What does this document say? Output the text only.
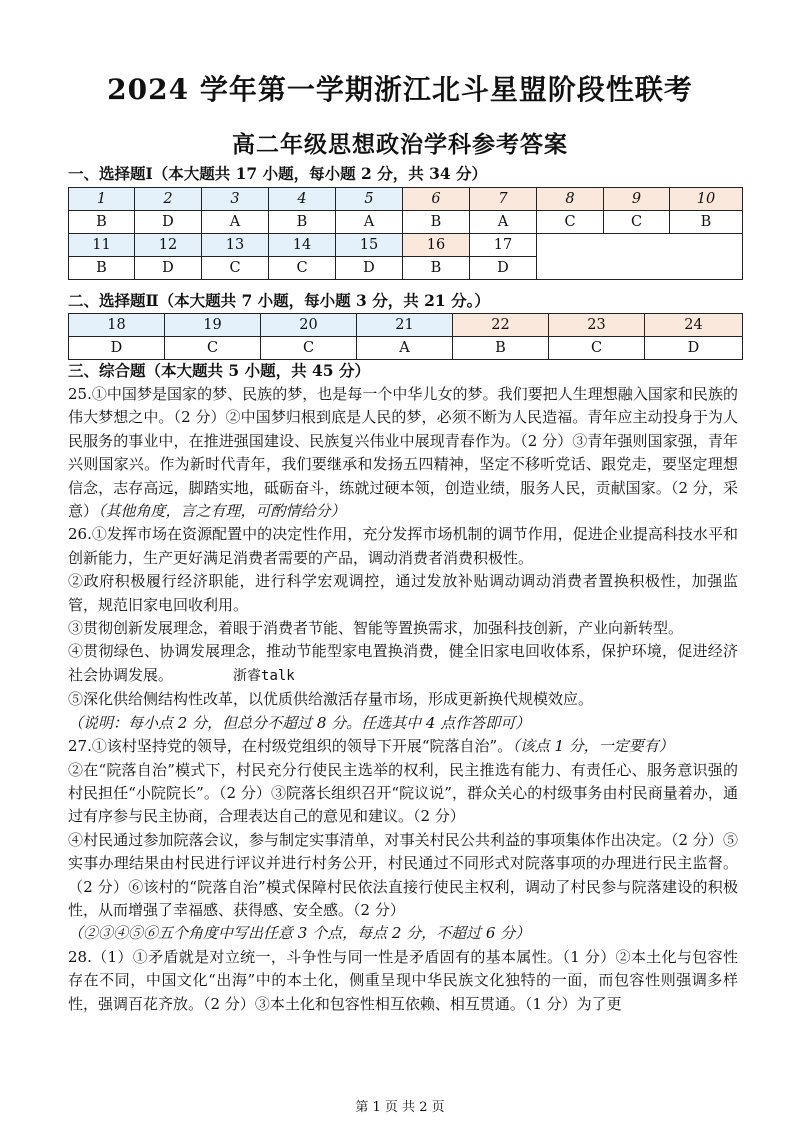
2024 学年第一学期浙江北斗星盟阶段性联考
高二年级思想政治学科参考答案
一、选择题Ⅰ（本大题共 17 小题，每小题 2 分，共 34 分）
1	2	3	4	5	6	7	8	9	10
B	D	A	B	A	B	A	C	C	B
11	12	13	14	15	16	17			
B	D	C	C	D	B	D			
二、选择题Ⅱ（本大题共 7 小题，每小题 3 分，共 21 分。）
18	19	20	21	22	23	24
D	C	C	A	B	C	D
三、综合题（本大题共 5 小题，共 45 分）

25.①中国梦是国家的梦、民族的梦，也是每一个中华儿女的梦。我们要把人生理想融入国家和民族的伟大梦想之中。（2 分）②中国梦归根到底是人民的梦，必须不断为人民造福。青年应主动投身于为人民服务的事业中，在推进强国建设、民族复兴伟业中展现青春作为。（2 分）③青年强则国家强，青年兴则国家兴。作为新时代青年，我们要继承和发扬五四精神，坚定不移听党话、跟党走，要坚定理想信念，志存高远，脚踏实地，砥砺奋斗，练就过硬本领，创造业绩，服务人民，贡献国家。（2 分，采意）（其他角度，言之有理，可酌情给分）

26.①发挥市场在资源配置中的决定性作用，充分发挥市场机制的调节作用，促进企业提高科技水平和创新能力，生产更好满足消费者需要的产品，调动消费者消费积极性。

②政府积极履行经济职能，进行科学宏观调控，通过发放补贴调动调动消费者置换积极性，加强监管，规范旧家电回收利用。

③贯彻创新发展理念，着眼于消费者节能、智能等置换需求，加强科技创新，产业向新转型。

④贯彻绿色、协调发展理念，推动节能型家电置换消费，健全旧家电回收体系，保护环境，促进经济社会协调发展。	浙睿talk

⑤深化供给侧结构性改革，以优质供给激活存量市场，形成更新换代规模效应。

（说明：每小点 2 分，但总分不超过 8 分。任选其中 4 点作答即可）

27.①该村坚持党的领导，在村级党组织的领导下开展“院落自治”。（该点 1 分，一定要有）

②在“院落自治”模式下，村民充分行使民主选举的权利，民主推选有能力、有责任心、服务意识强的村民担任“小院院长”。（2 分）③院落长组织召开“院议说”，群众关心的村级事务由村民商量着办，通过有序参与民主协商，合理表达自己的意见和建议。（2 分）

④村民通过参加院落会议，参与制定实事清单，对事关村民公共利益的事项集体作出决定。（2 分）⑤实事办理结果由村民进行评议并进行村务公开，村民通过不同形式对院落事项的办理进行民主监督。（2 分）⑥该村的“院落自治”模式保障村民依法直接行使民主权利，调动了村民参与院落建设的积极性，从而增强了幸福感、获得感、安全感。（2 分）

（②③④⑤⑥五个角度中写出任意 3 个点，每点 2 分，不超过 6 分）

28.（1）①矛盾就是对立统一，斗争性与同一性是矛盾固有的基本属性。（1 分）②本土化与包容性存在不同，中国文化“出海”中的本土化，侧重呈现中华民族文化独特的一面，而包容性则强调多样性，强调百花齐放。（2 分）③本土化和包容性相互依赖、相互贯通。（1 分）为了更

第 1 页 共 2 页
